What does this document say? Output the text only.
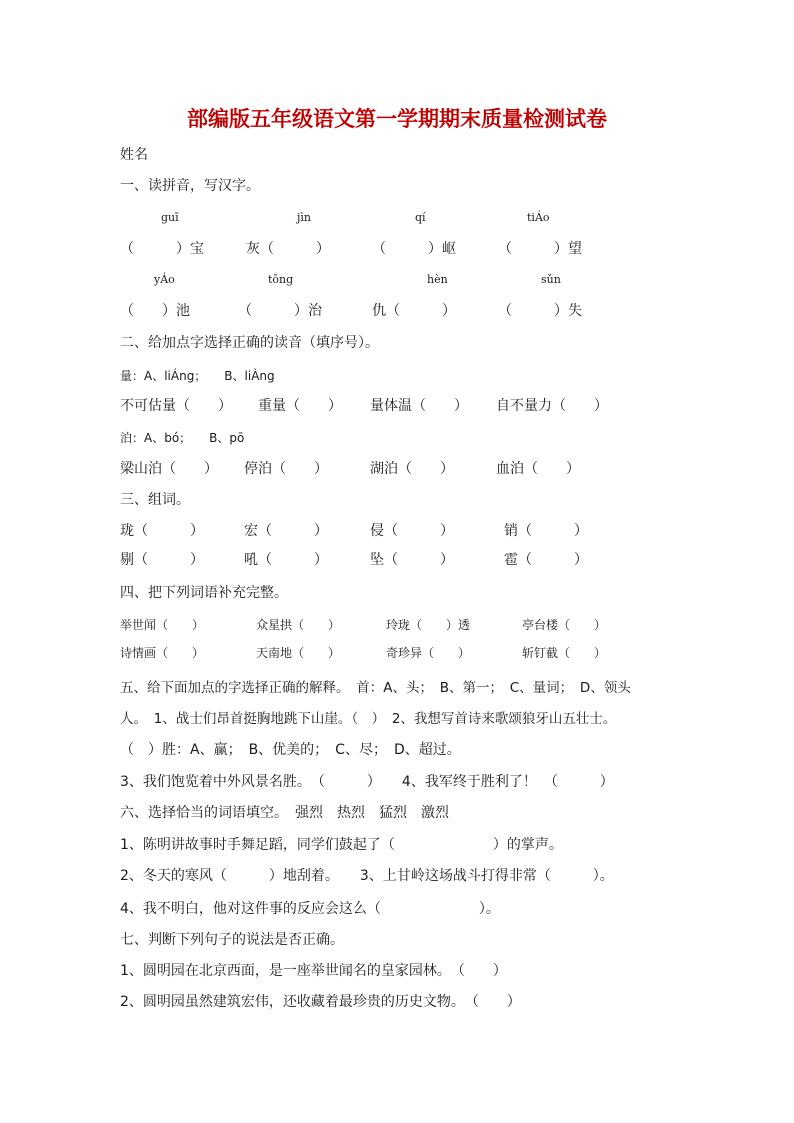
部编版五年级语文第一学期期末质量检测试卷
姓名
一、读拼音，写汉字。
guī	jìn	qí	tiÁo
（　　　）宝	灰（　　　）	（　　　）岖	（　　　）望
yÁo	tōng	hèn	sǔn
（　　）池	（　　　）治	仇（　　　）	（　　　）失
二、给加点字选择正确的读音（填序号）。
量：A、liÁng；　　B、liÀng
不可估量（　　） 重量（　　） 量体温（　　） 自不量力（　　）
泊：A、bó；　　B、pō
梁山泊（　　） 停泊（　　）	湖泊（　　）	血泊（　　）
三、组词。
珑（　　　）	宏（　　　）	侵（　　　）	销（　　　）
剔（　　　）	吼（　　　）	坠（　　　）	雹（　　　）
四、把下列词语补充完整。
举世闻（　　）	众星拱（　　）	玲珑（　　）透	亭台楼（　　）
诗情画（　　）	天南地（　　）	奇珍异（　　）	斩钉截（　　）
五、给下面加点的字选择正确的解释。　首：A、头；　B、第一；　C、量词；　D、领头
人。　1、战士们昂首挺胸地跳下山崖。（　）　2、我想写首诗来歌颂狼牙山五壮士。
（　）胜：A、赢；　B、优美的；　C、尽；　D、超过。
3、我们饱览着中外风景名胜。　（　　　）　　4、我军终于胜利了！　（　　　）
六、选择恰当的词语填空。　强烈　热烈　猛烈　激烈
1、陈明讲故事时手舞足蹈，同学们鼓起了（　　　　　　　）的掌声。
2、冬天的寒风（　　　）地刮着。　　3、上甘岭这场战斗打得非常（　　　）。
4、我不明白，他对这件事的反应会这么（　　　　　　　）。
七、判断下列句子的说法是否正确。
1、圆明园在北京西面，是一座举世闻名的皇家园林。　（　　）
2、圆明园虽然建筑宏伟，还收藏着最珍贵的历史文物。　（　　）
